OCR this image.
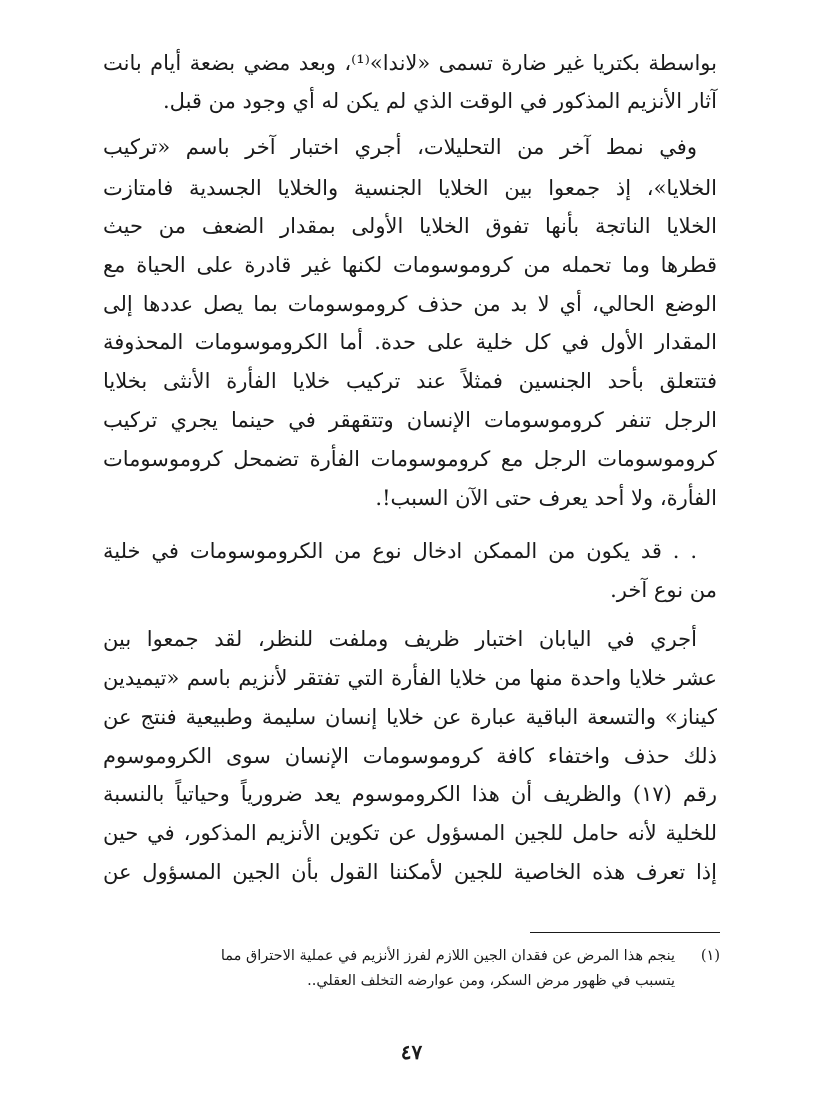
بواسطة بكتريا غير ضارة تسمى «لاندا»⁽¹⁾، وبعد مضي بضعة أيام بانت
آثار الأنزيم المذكور في الوقت الذي لم يكن له أي وجود من قبل.
وفي نمط آخر من التحليلات، أجري اختبار آخر باسم «تركيب
الخلايا»، إذ جمعوا بين الخلايا الجنسية والخلايا الجسدية فامتازت
الخلايا الناتجة بأنها تفوق الخلايا الأولى بمقدار الضعف من حيث
قطرها وما تحمله من كروموسومات لكنها غير قادرة على الحياة مع
الوضع الحالي، أي لا بد من حذف كروموسومات بما يصل عددها إلى
المقدار الأول في كل خلية على حدة. أما الكروموسومات المحذوفة
فتتعلق بأحد الجنسين فمثلاً عند تركيب خلايا الفأرة الأنثى بخلايا
الرجل تنفر كروموسومات الإنسان وتتقهقر في حينما يجري تركيب
كروموسومات الرجل مع كروموسومات الفأرة تضمحل كروموسومات
الفأرة، ولا أحد يعرف حتى الآن السبب!.
. . قد يكون من الممكن ادخال نوع من الكروموسومات في خلية
من نوع آخر.
أجري في اليابان اختبار ظريف وملفت للنظر، لقد جمعوا بين
عشر خلايا واحدة منها من خلايا الفأرة التي تفتقر لأنزيم باسم «تيميدين
كيناز» والتسعة الباقية عبارة عن خلايا إنسان سليمة وطبيعية فنتج عن
ذلك حذف واختفاء كافة كروموسومات الإنسان سوى الكروموسوم
رقم (١٧) والظريف أن هذا الكروموسوم يعد ضرورياً وحياتياً بالنسبة
للخلية لأنه حامل للجين المسؤول عن تكوين الأنزيم المذكور، في حين
إذا تعرف هذه الخاصية للجين لأمكننا القول بأن الجين المسؤول عن
(١)
ينجم هذا المرض عن فقدان الجين اللازم لفرز الأنزيم في عملية الاحتراق مما
يتسبب في ظهور مرض السكر، ومن عوارضه التخلف العقلي..
٤٧
